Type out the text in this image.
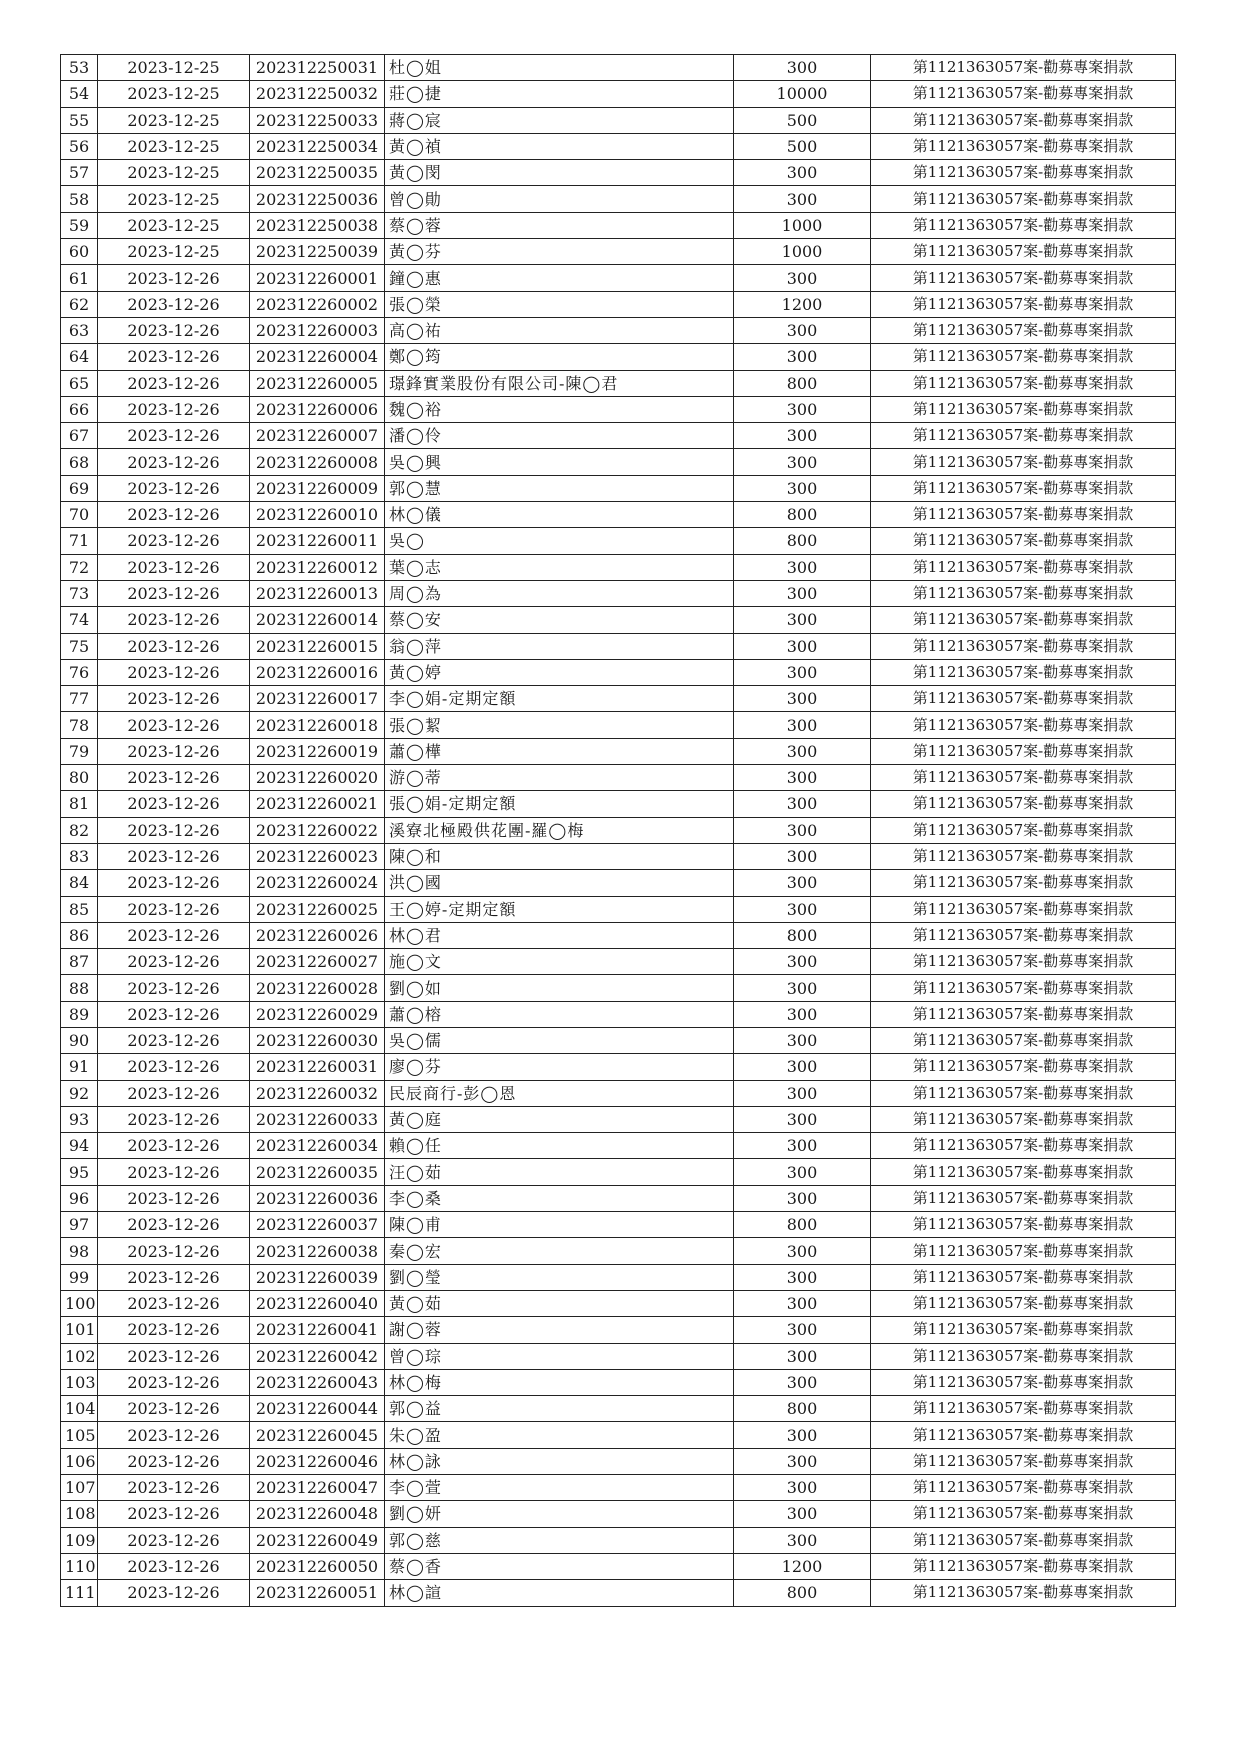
53	2023-12-25	202312250031	杜◯姐	300	第1121363057案-勸募專案捐款
54	2023-12-25	202312250032	莊◯捷	10000	第1121363057案-勸募專案捐款
55	2023-12-25	202312250033	蔣◯宸	500	第1121363057案-勸募專案捐款
56	2023-12-25	202312250034	黃◯禎	500	第1121363057案-勸募專案捐款
57	2023-12-25	202312250035	黃◯閔	300	第1121363057案-勸募專案捐款
58	2023-12-25	202312250036	曾◯勛	300	第1121363057案-勸募專案捐款
59	2023-12-25	202312250038	蔡◯蓉	1000	第1121363057案-勸募專案捐款
60	2023-12-25	202312250039	黃◯芬	1000	第1121363057案-勸募專案捐款
61	2023-12-26	202312260001	鐘◯惠	300	第1121363057案-勸募專案捐款
62	2023-12-26	202312260002	張◯榮	1200	第1121363057案-勸募專案捐款
63	2023-12-26	202312260003	高◯祐	300	第1121363057案-勸募專案捐款
64	2023-12-26	202312260004	鄭◯筠	300	第1121363057案-勸募專案捐款
65	2023-12-26	202312260005	璟鋒實業股份有限公司-陳◯君	800	第1121363057案-勸募專案捐款
66	2023-12-26	202312260006	魏◯裕	300	第1121363057案-勸募專案捐款
67	2023-12-26	202312260007	潘◯伶	300	第1121363057案-勸募專案捐款
68	2023-12-26	202312260008	吳◯興	300	第1121363057案-勸募專案捐款
69	2023-12-26	202312260009	郭◯慧	300	第1121363057案-勸募專案捐款
70	2023-12-26	202312260010	林◯儀	800	第1121363057案-勸募專案捐款
71	2023-12-26	202312260011	吳◯	800	第1121363057案-勸募專案捐款
72	2023-12-26	202312260012	葉◯志	300	第1121363057案-勸募專案捐款
73	2023-12-26	202312260013	周◯為	300	第1121363057案-勸募專案捐款
74	2023-12-26	202312260014	蔡◯安	300	第1121363057案-勸募專案捐款
75	2023-12-26	202312260015	翁◯萍	300	第1121363057案-勸募專案捐款
76	2023-12-26	202312260016	黃◯婷	300	第1121363057案-勸募專案捐款
77	2023-12-26	202312260017	李◯娟-定期定額	300	第1121363057案-勸募專案捐款
78	2023-12-26	202312260018	張◯絜	300	第1121363057案-勸募專案捐款
79	2023-12-26	202312260019	蕭◯樺	300	第1121363057案-勸募專案捐款
80	2023-12-26	202312260020	游◯蒂	300	第1121363057案-勸募專案捐款
81	2023-12-26	202312260021	張◯娟-定期定額	300	第1121363057案-勸募專案捐款
82	2023-12-26	202312260022	溪寮北極殿供花團-羅◯梅	300	第1121363057案-勸募專案捐款
83	2023-12-26	202312260023	陳◯和	300	第1121363057案-勸募專案捐款
84	2023-12-26	202312260024	洪◯國	300	第1121363057案-勸募專案捐款
85	2023-12-26	202312260025	王◯婷-定期定額	300	第1121363057案-勸募專案捐款
86	2023-12-26	202312260026	林◯君	800	第1121363057案-勸募專案捐款
87	2023-12-26	202312260027	施◯文	300	第1121363057案-勸募專案捐款
88	2023-12-26	202312260028	劉◯如	300	第1121363057案-勸募專案捐款
89	2023-12-26	202312260029	蕭◯榕	300	第1121363057案-勸募專案捐款
90	2023-12-26	202312260030	吳◯儒	300	第1121363057案-勸募專案捐款
91	2023-12-26	202312260031	廖◯芬	300	第1121363057案-勸募專案捐款
92	2023-12-26	202312260032	民辰商行-彭◯恩	300	第1121363057案-勸募專案捐款
93	2023-12-26	202312260033	黃◯庭	300	第1121363057案-勸募專案捐款
94	2023-12-26	202312260034	賴◯任	300	第1121363057案-勸募專案捐款
95	2023-12-26	202312260035	汪◯茹	300	第1121363057案-勸募專案捐款
96	2023-12-26	202312260036	李◯桑	300	第1121363057案-勸募專案捐款
97	2023-12-26	202312260037	陳◯甫	800	第1121363057案-勸募專案捐款
98	2023-12-26	202312260038	秦◯宏	300	第1121363057案-勸募專案捐款
99	2023-12-26	202312260039	劉◯瑩	300	第1121363057案-勸募專案捐款
100	2023-12-26	202312260040	黃◯茹	300	第1121363057案-勸募專案捐款
101	2023-12-26	202312260041	謝◯蓉	300	第1121363057案-勸募專案捐款
102	2023-12-26	202312260042	曾◯琮	300	第1121363057案-勸募專案捐款
103	2023-12-26	202312260043	林◯梅	300	第1121363057案-勸募專案捐款
104	2023-12-26	202312260044	郭◯益	800	第1121363057案-勸募專案捐款
105	2023-12-26	202312260045	朱◯盈	300	第1121363057案-勸募專案捐款
106	2023-12-26	202312260046	林◯詠	300	第1121363057案-勸募專案捐款
107	2023-12-26	202312260047	李◯萱	300	第1121363057案-勸募專案捐款
108	2023-12-26	202312260048	劉◯妍	300	第1121363057案-勸募專案捐款
109	2023-12-26	202312260049	郭◯慈	300	第1121363057案-勸募專案捐款
110	2023-12-26	202312260050	蔡◯香	1200	第1121363057案-勸募專案捐款
111	2023-12-26	202312260051	林◯諠	800	第1121363057案-勸募專案捐款
